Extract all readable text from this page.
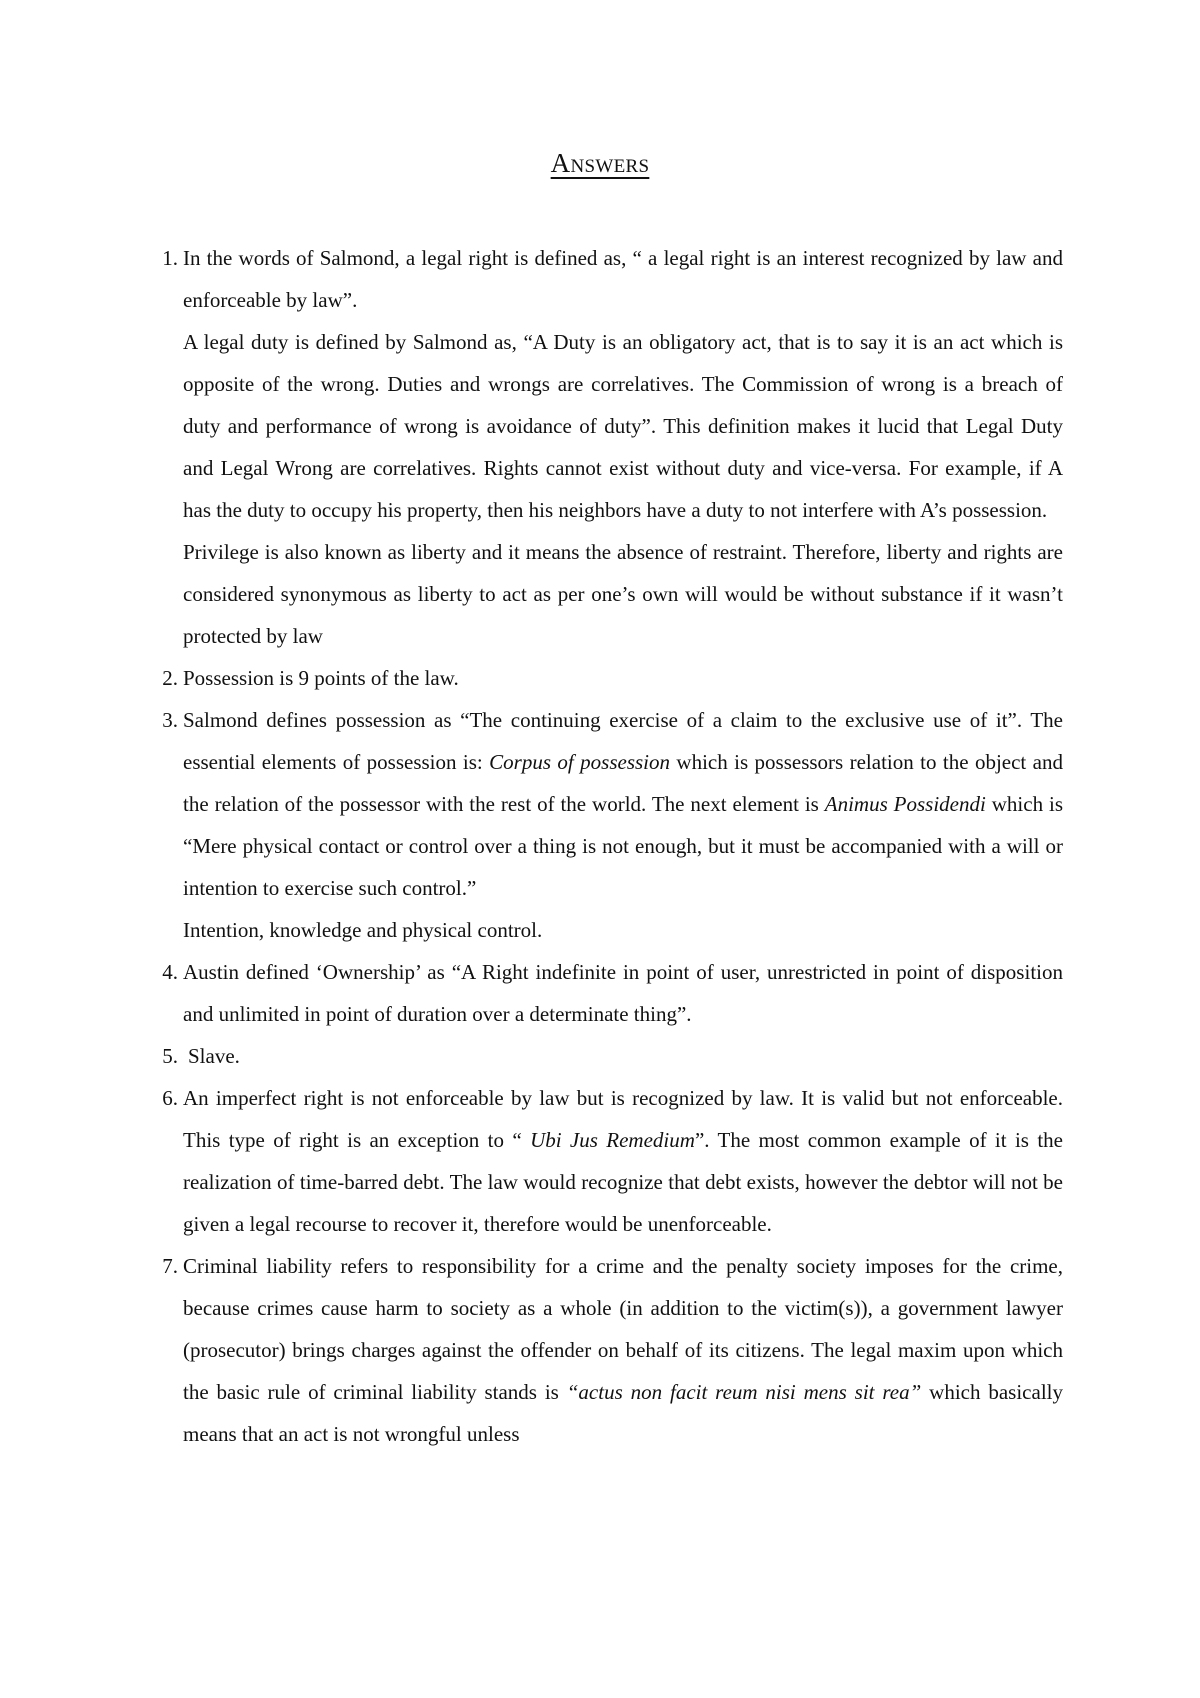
Answers
1. In the words of Salmond, a legal right is defined as, “ a legal right is an interest recognized by law and enforceable by law”.

A legal duty is defined by Salmond as, “A Duty is an obligatory act, that is to say it is an act which is opposite of the wrong. Duties and wrongs are correlatives. The Commission of wrong is a breach of duty and performance of wrong is avoidance of duty”. This definition makes it lucid that Legal Duty and Legal Wrong are correlatives. Rights cannot exist without duty and vice-versa. For example, if A has the duty to occupy his property, then his neighbors have a duty to not interfere with A’s possession.

Privilege is also known as liberty and it means the absence of restraint. Therefore, liberty and rights are considered synonymous as liberty to act as per one’s own will would be without substance if it wasn’t protected by law

2. Possession is 9 points of the law.

3. Salmond defines possession as “The continuing exercise of a claim to the exclusive use of it”. The essential elements of possession is: Corpus of possession which is possessors relation to the object and the relation of the possessor with the rest of the world. The next element is Animus Possidendi which is “Mere physical contact or control over a thing is not enough, but it must be accompanied with a will or intention to exercise such control.”

Intention, knowledge and physical control.

4. Austin defined ‘Ownership’ as “A Right indefinite in point of user, unrestricted in point of disposition and unlimited in point of duration over a determinate thing”.

5. Slave.

6. An imperfect right is not enforceable by law but is recognized by law. It is valid but not enforceable. This type of right is an exception to “ Ubi Jus Remedium”. The most common example of it is the realization of time-barred debt. The law would recognize that debt exists, however the debtor will not be given a legal recourse to recover it, therefore would be unenforceable.

7. Criminal liability refers to responsibility for a crime and the penalty society imposes for the crime, because crimes cause harm to society as a whole (in addition to the victim(s)), a government lawyer (prosecutor) brings charges against the offender on behalf of its citizens. The legal maxim upon which the basic rule of criminal liability stands is “actus non facit reum nisi mens sit rea” which basically means that an act is not wrongful unless
